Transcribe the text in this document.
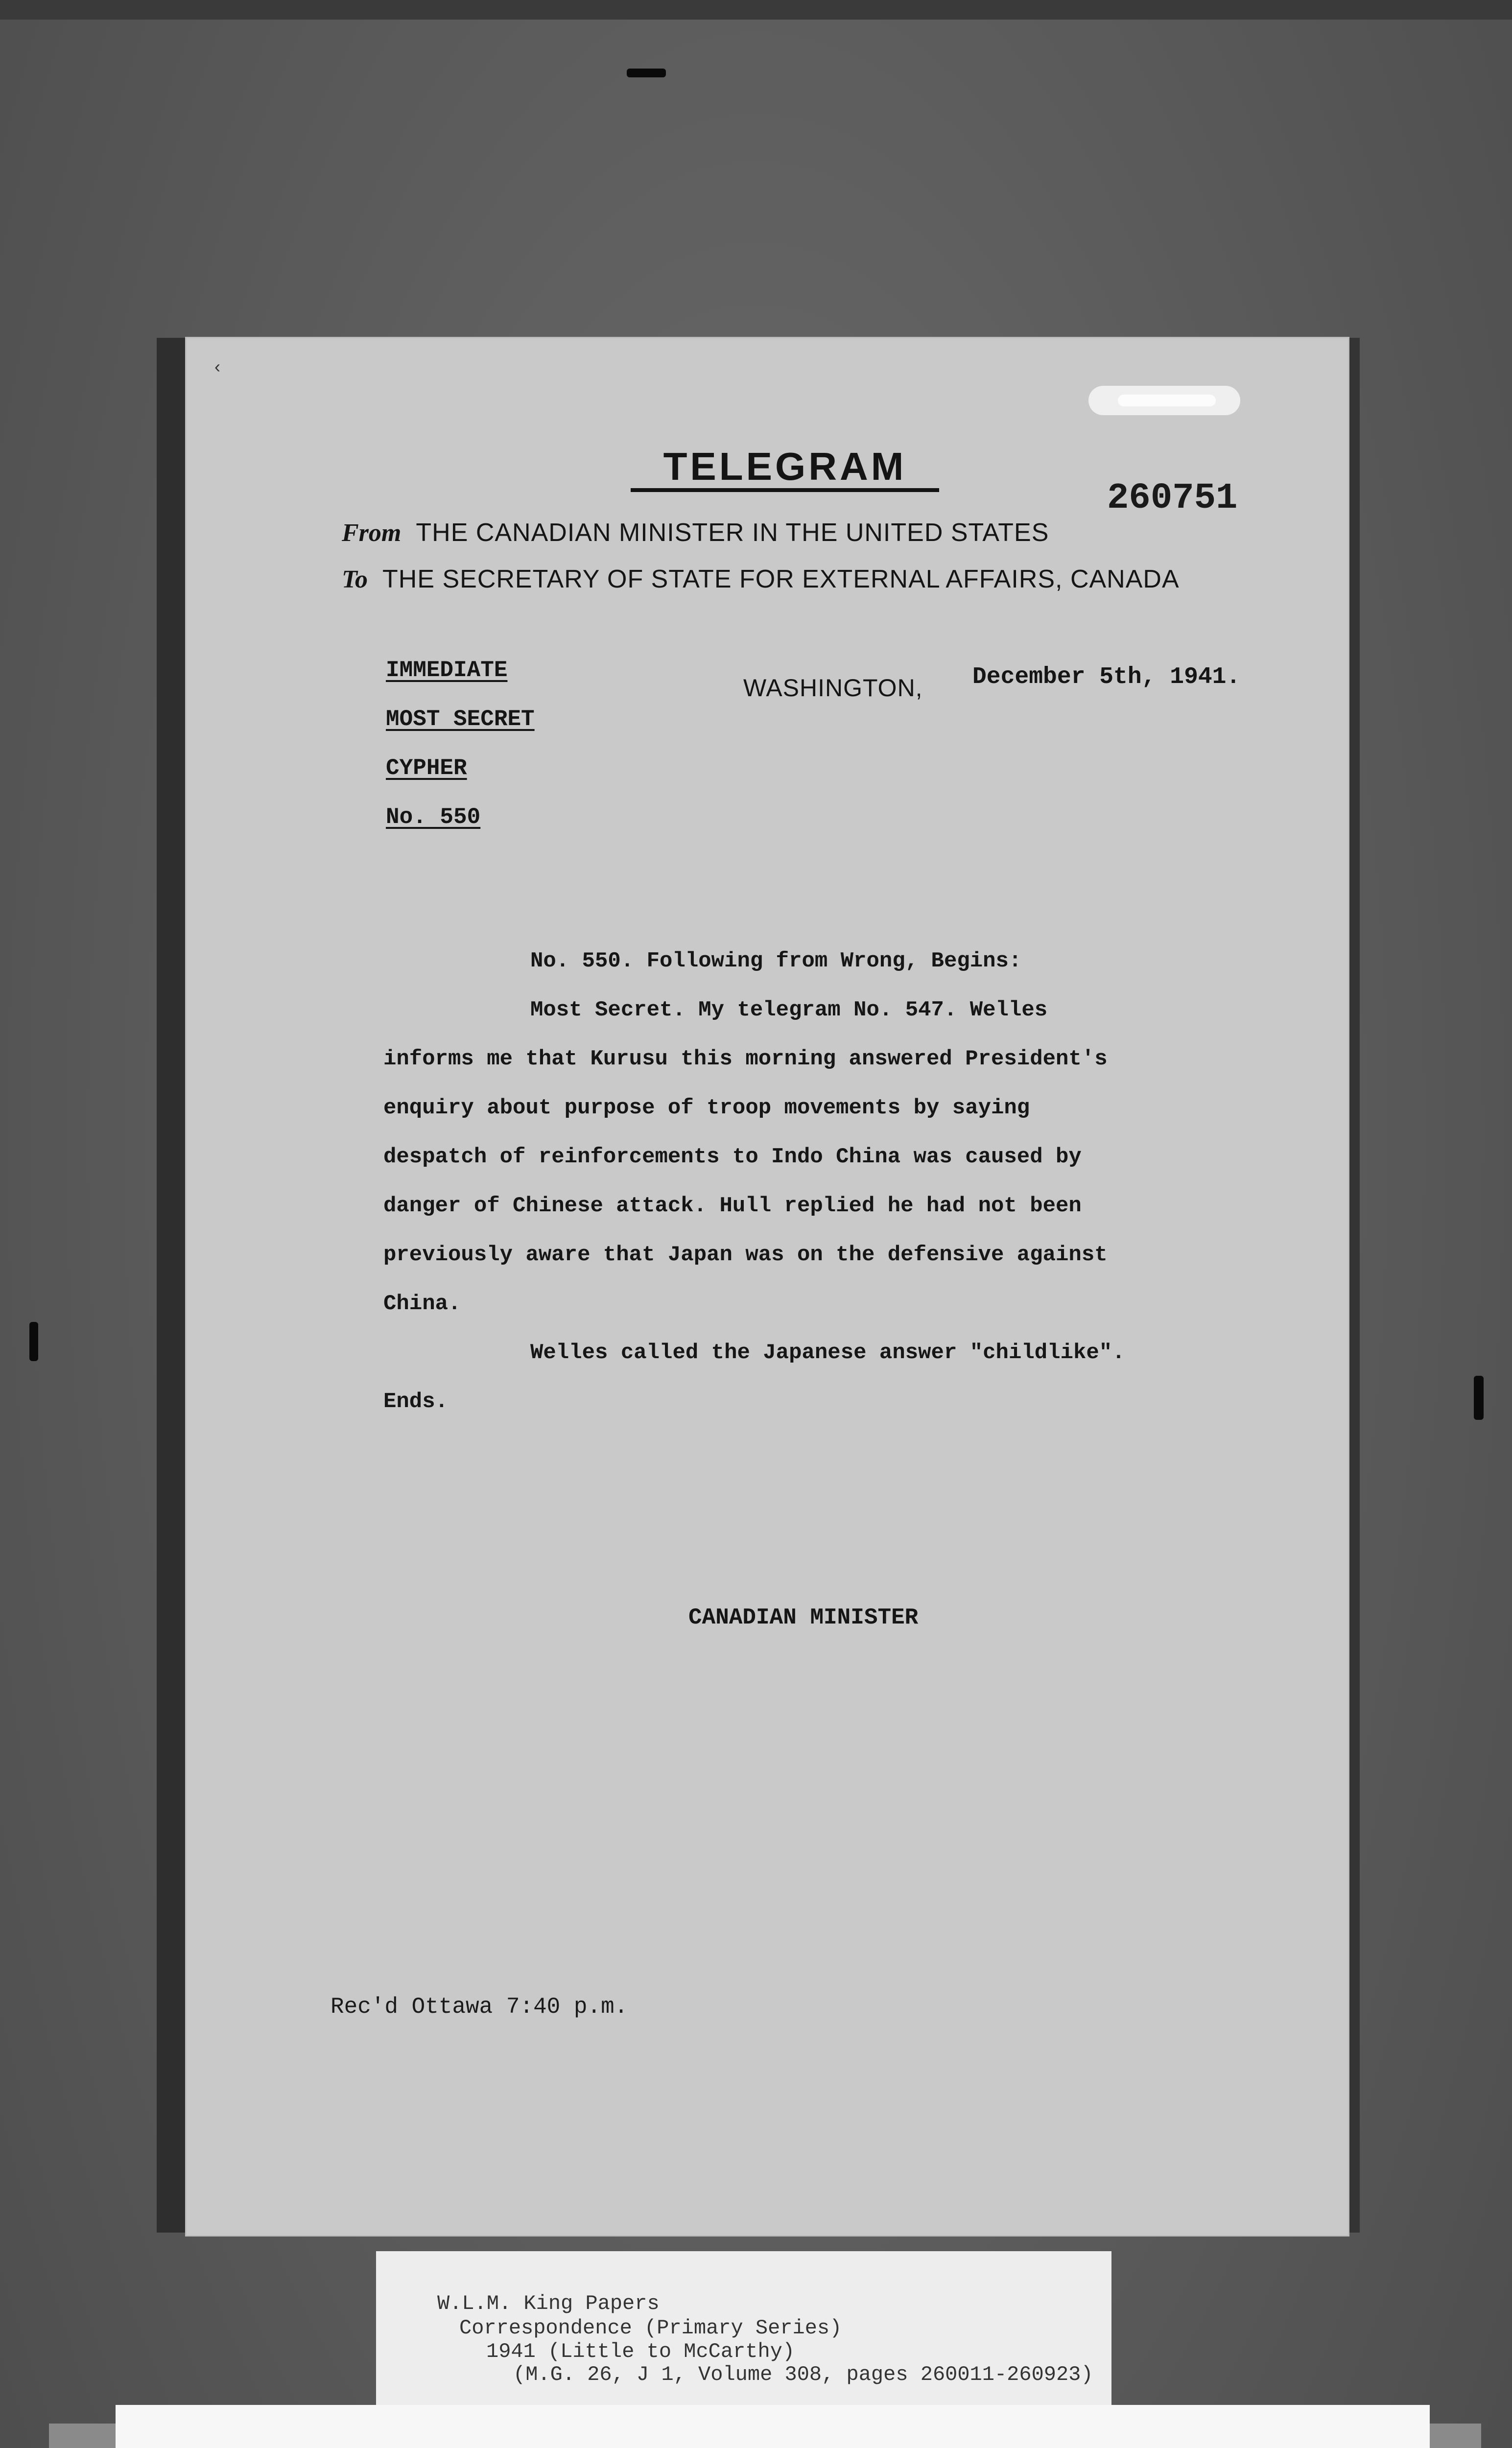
‹
TELEGRAM
260751
From THE CANADIAN MINISTER IN THE UNITED STATES
To THE SECRETARY OF STATE FOR EXTERNAL AFFAIRS, CANADA
IMMEDIATE
MOST SECRET
CYPHER
No. 550
WASHINGTON, December 5th, 1941.

No. 550. Following from Wrong, Begins:

Most Secret. My telegram No. 547. Welles

informs me that Kurusu this morning answered President's

enquiry about purpose of troop movements by saying

despatch of reinforcements to Indo China was caused by

danger of Chinese attack. Hull replied he had not been

previously aware that Japan was on the defensive against

China.

Welles called the Japanese answer "childlike".

Ends.

CANADIAN MINISTER
Rec'd Ottawa 7:40 p.m.
W.L.M. King Papers
Correspondence (Primary Series)
1941 (Little to McCarthy)
(M.G. 26, J 1, Volume 308, pages 260011-260923)
